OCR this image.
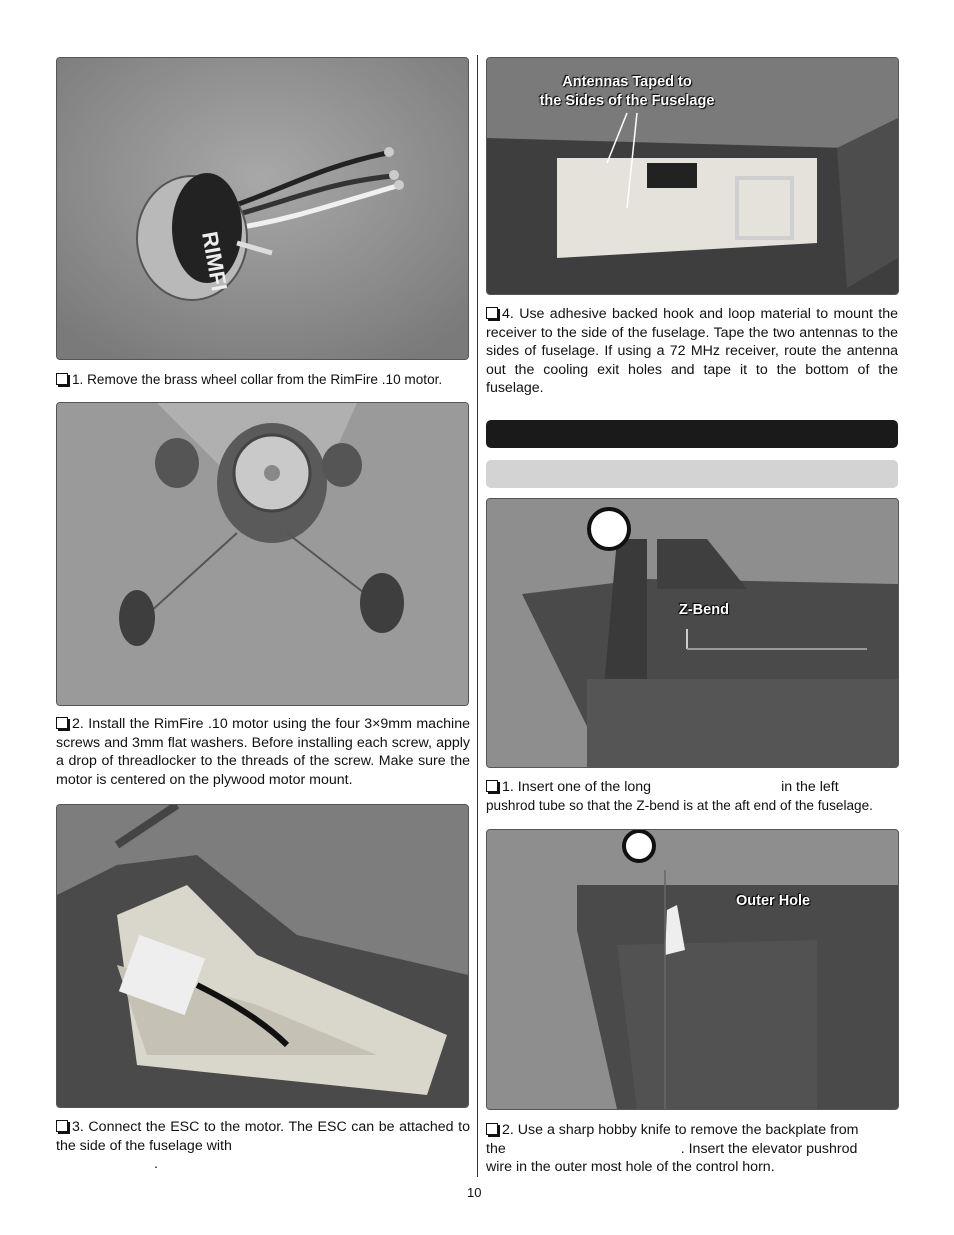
RIMFI
1. Remove the brass wheel collar from the RimFire .10 motor.
2. Install the RimFire .10 motor using the four 3×9mm machine screws and 3mm flat washers. Before installing each screw, apply a drop of threadlocker to the threads of the screw. Make sure the motor is centered on the plywood motor mount.
3. Connect the ESC to the motor. The ESC can be attached to the side of the fuselage with
.
Antennas Taped to
the Sides of the Fuselage
4. Use adhesive backed hook and loop material to mount the receiver to the side of the fuselage. Tape the two antennas to the sides of fuselage. If using a 72 MHz receiver, route the antenna out the cooling exit holes and tape it to the bottom of the fuselage.
Z-Bend
1. Insert one of the long	in the left
pushrod tube so that the Z-bend is at the aft end of the fuselage.
Outer Hole
2. Use a sharp hobby knife to remove the backplate from
the	. Insert the elevator pushrod
wire in the outer most hole of the control horn.
10
